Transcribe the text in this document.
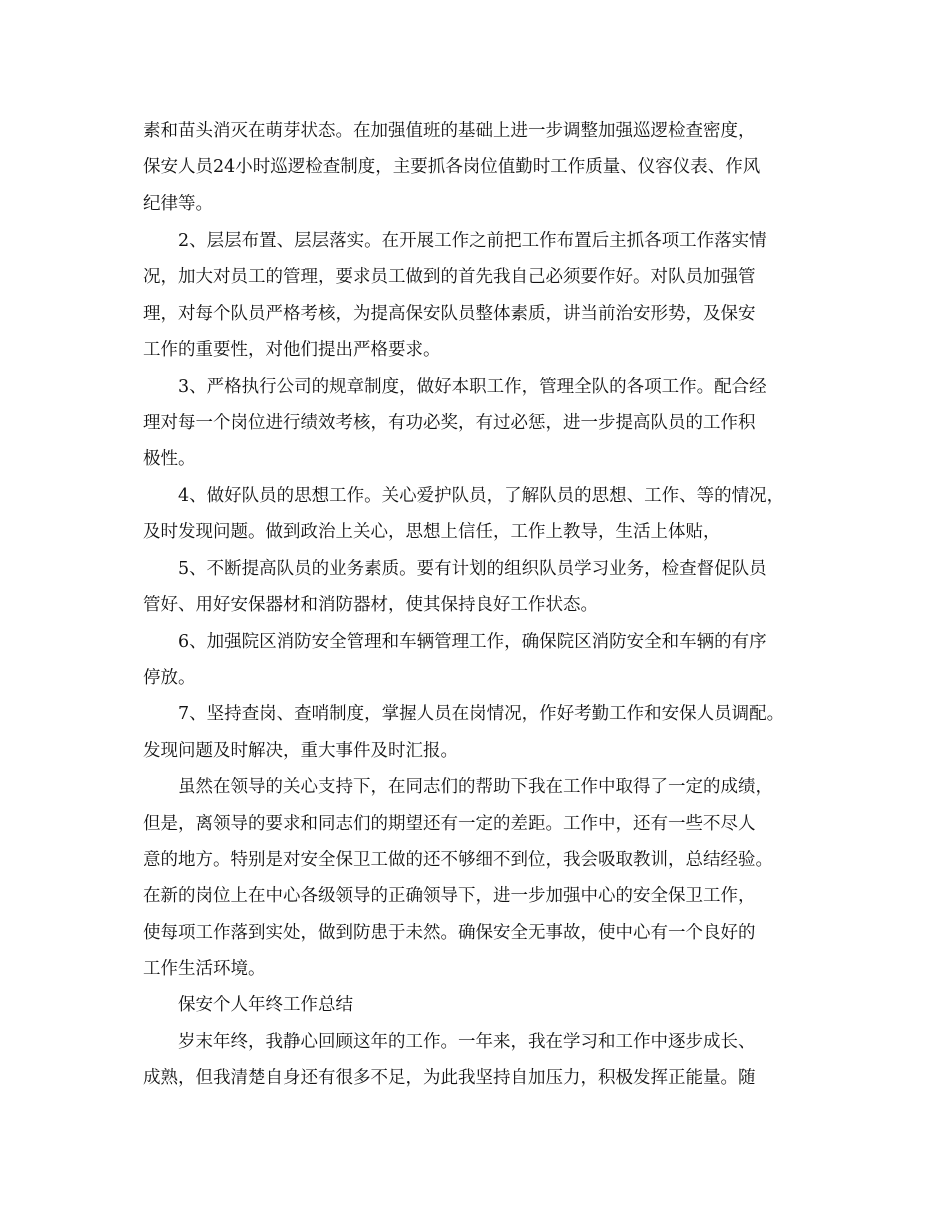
素和苗头消灭在萌芽状态。在加强值班的基础上进一步调整加强巡逻检查密度，

保安人员24小时巡逻检查制度，主要抓各岗位值勤时工作质量、仪容仪表、作风

纪律等。

2、层层布置、层层落实。在开展工作之前把工作布置后主抓各项工作落实情

况，加大对员工的管理，要求员工做到的首先我自己必须要作好。对队员加强管

理，对每个队员严格考核，为提高保安队员整体素质，讲当前治安形势，及保安

工作的重要性，对他们提出严格要求。

3、严格执行公司的规章制度，做好本职工作，管理全队的各项工作。配合经

理对每一个岗位进行绩效考核，有功必奖，有过必惩，进一步提高队员的工作积

极性。

4、做好队员的思想工作。关心爱护队员，了解队员的思想、工作、等的情况，

及时发现问题。做到政治上关心，思想上信任，工作上教导，生活上体贴，

5、不断提高队员的业务素质。要有计划的组织队员学习业务，检查督促队员

管好、用好安保器材和消防器材，使其保持良好工作状态。

6、加强院区消防安全管理和车辆管理工作，确保院区消防安全和车辆的有序

停放。

7、坚持查岗、查哨制度，掌握人员在岗情况，作好考勤工作和安保人员调配。

发现问题及时解决，重大事件及时汇报。

虽然在领导的关心支持下，在同志们的帮助下我在工作中取得了一定的成绩，

但是，离领导的要求和同志们的期望还有一定的差距。工作中，还有一些不尽人

意的地方。特别是对安全保卫工做的还不够细不到位，我会吸取教训，总结经验。

在新的岗位上在中心各级领导的正确领导下，进一步加强中心的安全保卫工作，

使每项工作落到实处，做到防患于未然。确保安全无事故，使中心有一个良好的

工作生活环境。

保安个人年终工作总结

岁末年终，我静心回顾这年的工作。一年来，我在学习和工作中逐步成长、

成熟，但我清楚自身还有很多不足，为此我坚持自加压力，积极发挥正能量。随
